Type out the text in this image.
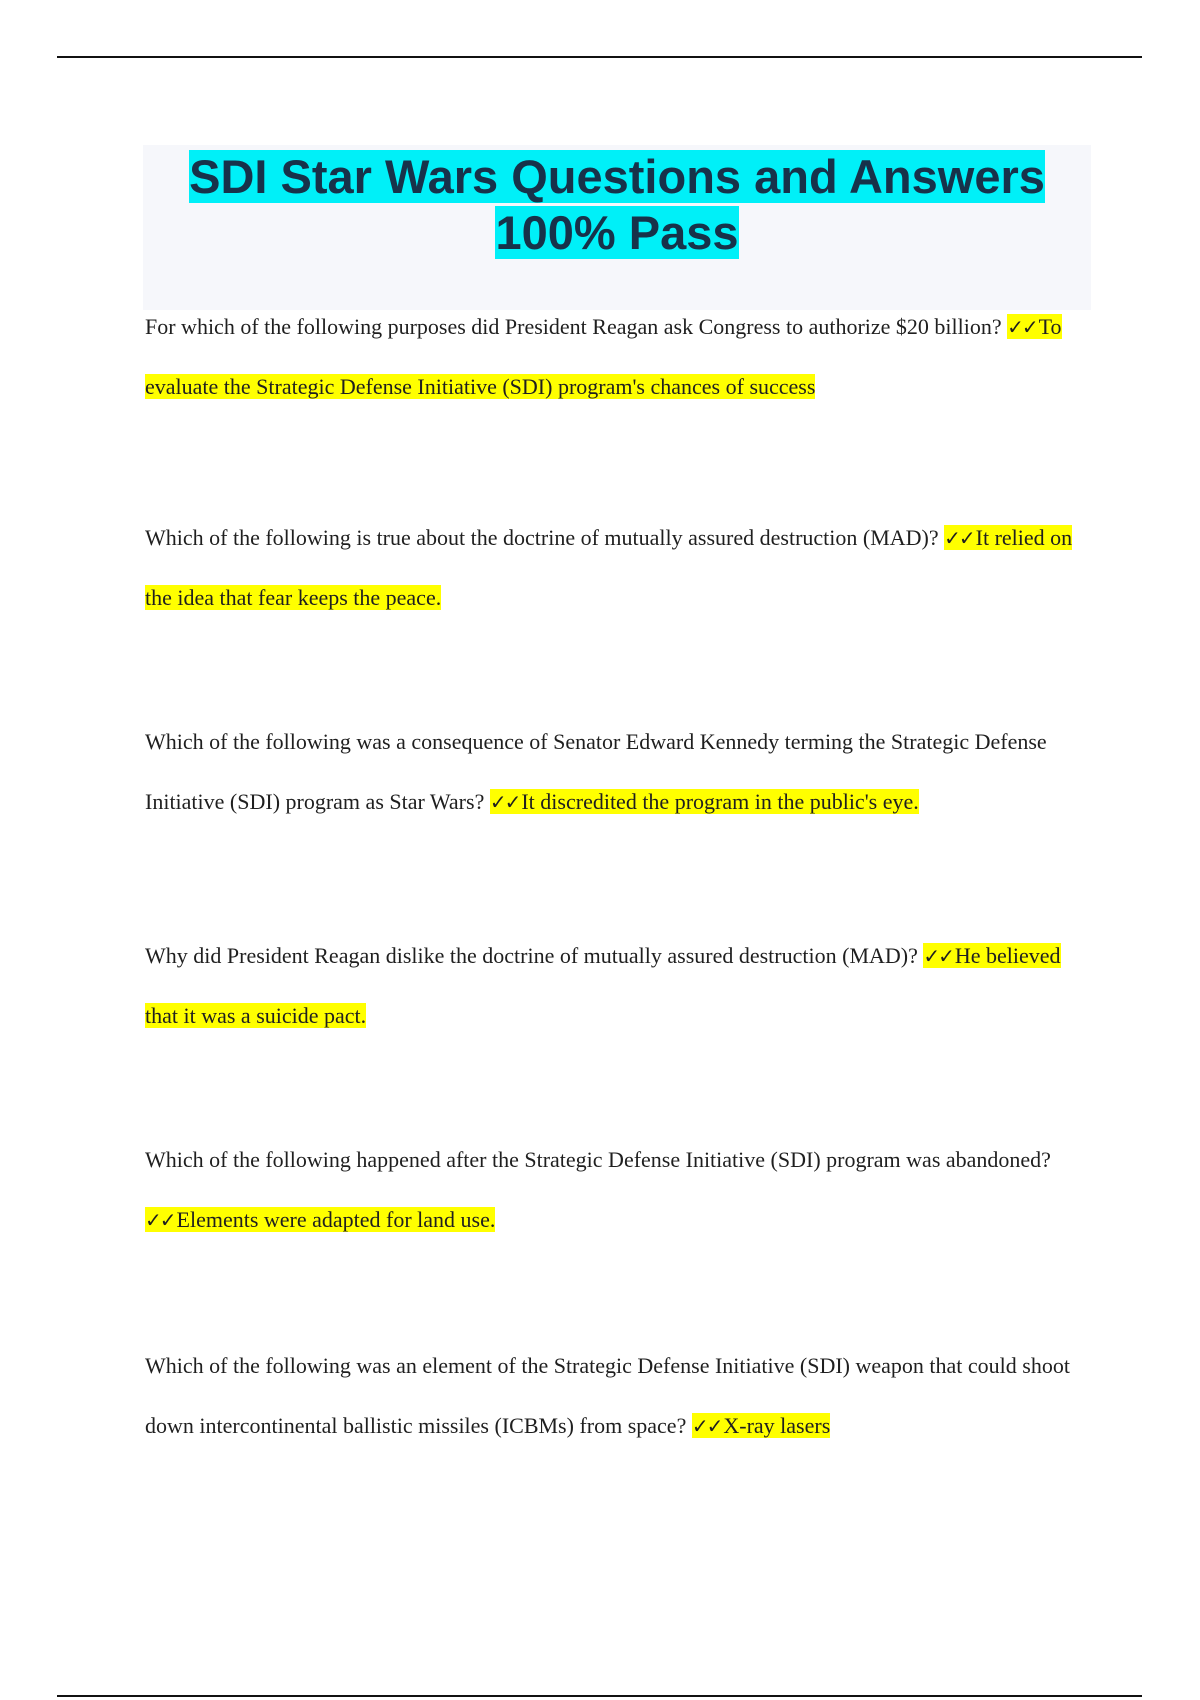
SDI Star Wars Questions and Answers
100% Pass

For which of the following purposes did President Reagan ask Congress to authorize $20 billion? ✓✓To evaluate the Strategic Defense Initiative (SDI) program's chances of success

Which of the following is true about the doctrine of mutually assured destruction (MAD)? ✓✓It relied on the idea that fear keeps the peace.

Which of the following was a consequence of Senator Edward Kennedy terming the Strategic Defense Initiative (SDI) program as Star Wars? ✓✓It discredited the program in the public's eye.

Why did President Reagan dislike the doctrine of mutually assured destruction (MAD)? ✓✓He believed that it was a suicide pact.

Which of the following happened after the Strategic Defense Initiative (SDI) program was abandoned? ✓✓Elements were adapted for land use.

Which of the following was an element of the Strategic Defense Initiative (SDI) weapon that could shoot down intercontinental ballistic missiles (ICBMs) from space? ✓✓X-ray lasers
